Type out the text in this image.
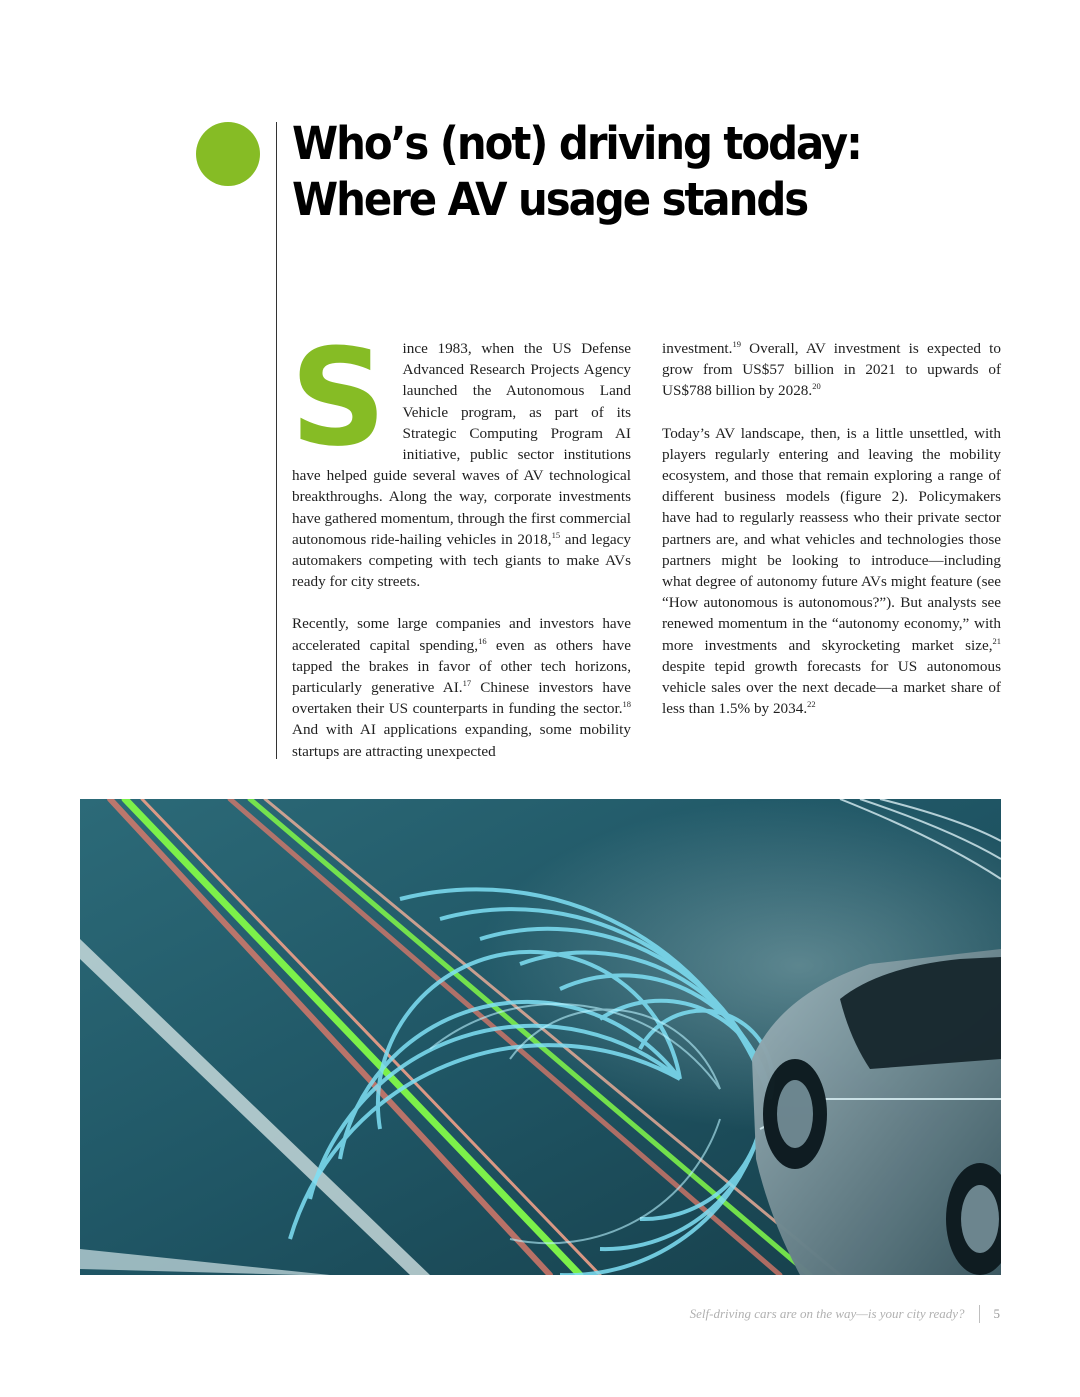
Who’s (not) driving today: Where AV usage stands

S ince 1983, when the US Defense Advanced Research Projects Agency launched the Autonomous Land Vehicle program, as part of its Strategic Computing Program AI initiative, public sector institutions have helped guide several waves of AV technological breakthroughs. Along the way, corporate investments have gathered momentum, through the first commercial autonomous ride-hailing vehicles in 2018,15 and legacy automakers competing with tech giants to make AVs ready for city streets.

Recently, some large companies and investors have accelerated capital spending,$^{16}$ even as others have tapped the brakes in favor of other tech horizons, particularly generative AI.$^{17}$ Chinese investors have overtaken their US counterparts in funding the sector.$^{18}$ And with AI applications expanding, some mobility startups are attracting unexpected

investment.$^{19}$ Overall, AV investment is expected to grow from US$57 billion in 2021 to upwards of US$788 billion by 2028.20

Today’s AV landscape, then, is a little unsettled, with players regularly entering and leaving the mobility ecosystem, and those that remain exploring a range of different business models (figure 2). Policymakers have had to regularly reassess who their private sector partners are, and what vehicles and technologies those partners might be looking to introduce—including what degree of autonomy future AVs might feature (see “How autonomous is autonomous?”). But analysts see renewed momentum in the “autonomy economy,” with more investments and skyrocketing market size,$^{21}$ despite tepid growth forecasts for US autonomous vehicle sales over the next decade—a market share of less than 1.5% by 2034.22

Self-driving cars are on the way—is your city ready? 5
